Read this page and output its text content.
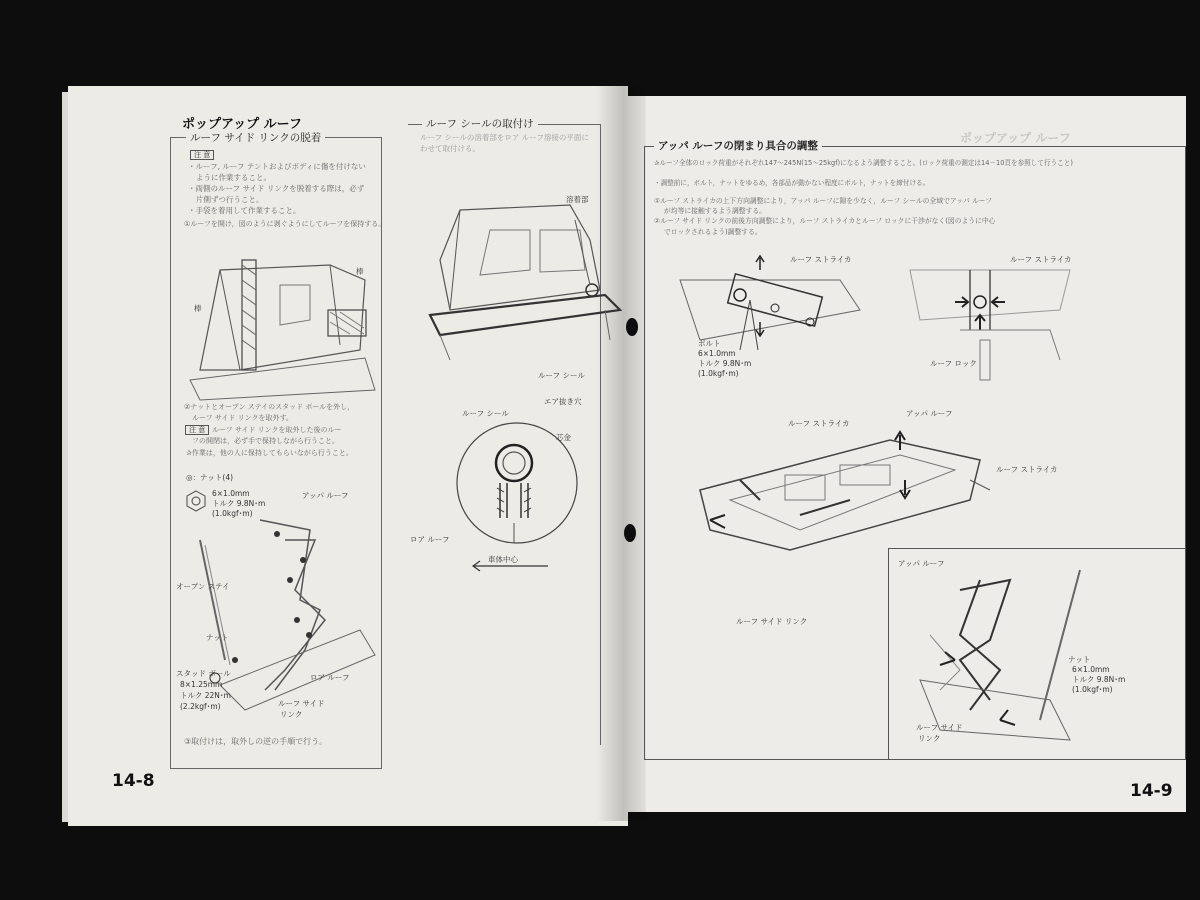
ポップアップ ルーフ
ルーフ サイド リンクの脱着
注 意
・ルーフ, ルーフ テントおよびボディに傷を付けない
ように作業すること。
・両側のルーフ サイド リンクを脱着する際は，必ず
片側ずつ行うこと。
・手袋を着用して作業すること。
①ルーフを開け，図のように剥ぐようにしてルーフを保持する。
棒
棒
②ナットとオープン ステイのスタッド ボールを外し，
ルーフ サイド リンクを取外す。
注 意 ルーフ サイド リンクを取外した後のルー
フの開閉は，必ず手で保持しながら行うこと。
✰作業は，他の人に保持してもらいながら行うこと。
◎：ナット(4)
6×1.0mm
トルク 9.8N･m
(1.0kgf･m)
アッパ ルーフ
オープン ステイ
ナット
スタッド ボール
8×1.25mm
トルク 22N･m
(2.2kgf･m)
ロア ルーフ
ルーフ サイド
リンク
③取付けは，取外しの逆の手順で行う。
14-8
ルーフ シールの取付け
ルーフ シールの溶着部をロア ルーフ溶接の平面に
わせて取付ける。
溶着部
ルーフ シール
ルーフ シール
エア抜き穴
芯金
ロア ルーフ
車体中心
ポップアップ ルーフ
アッパ ルーフの閉まり具合の調整
✰ルーフ全体のロック荷重がそれぞれ147～245N(15～25kgf)になるよう調整すること。(ロック荷重の測定は14－10頁を参照して行うこと)
・調整前に，ボルト，ナットをゆるめ，各部品が動かない程度にボルト，ナットを締付ける。
①ルーフ ストライカの上下方向調整により，アッパ ルーフに隙を少なく，ルーフ シールの全域でアッパ ルーフ
が均等に接触するよう調整する。
②ルーフ サイド リンクの前後方向調整により，ルーフ ストライカとルーフ ロックに干渉がなく(図のように中心
でロックされるよう)調整する。
ルーフ ストライカ
ボルト
6×1.0mm
トルク 9.8N･m
(1.0kgf･m)
ルーフ ストライカ
ルーフ ロック
ルーフ ストライカ
アッパ ルーフ
ルーフ ストライカ
ルーフ サイド リンク
アッパ ルーフ
ナット
6×1.0mm
トルク 9.8N･m
(1.0kgf･m)
ルーフ サイド
リンク
14-9
